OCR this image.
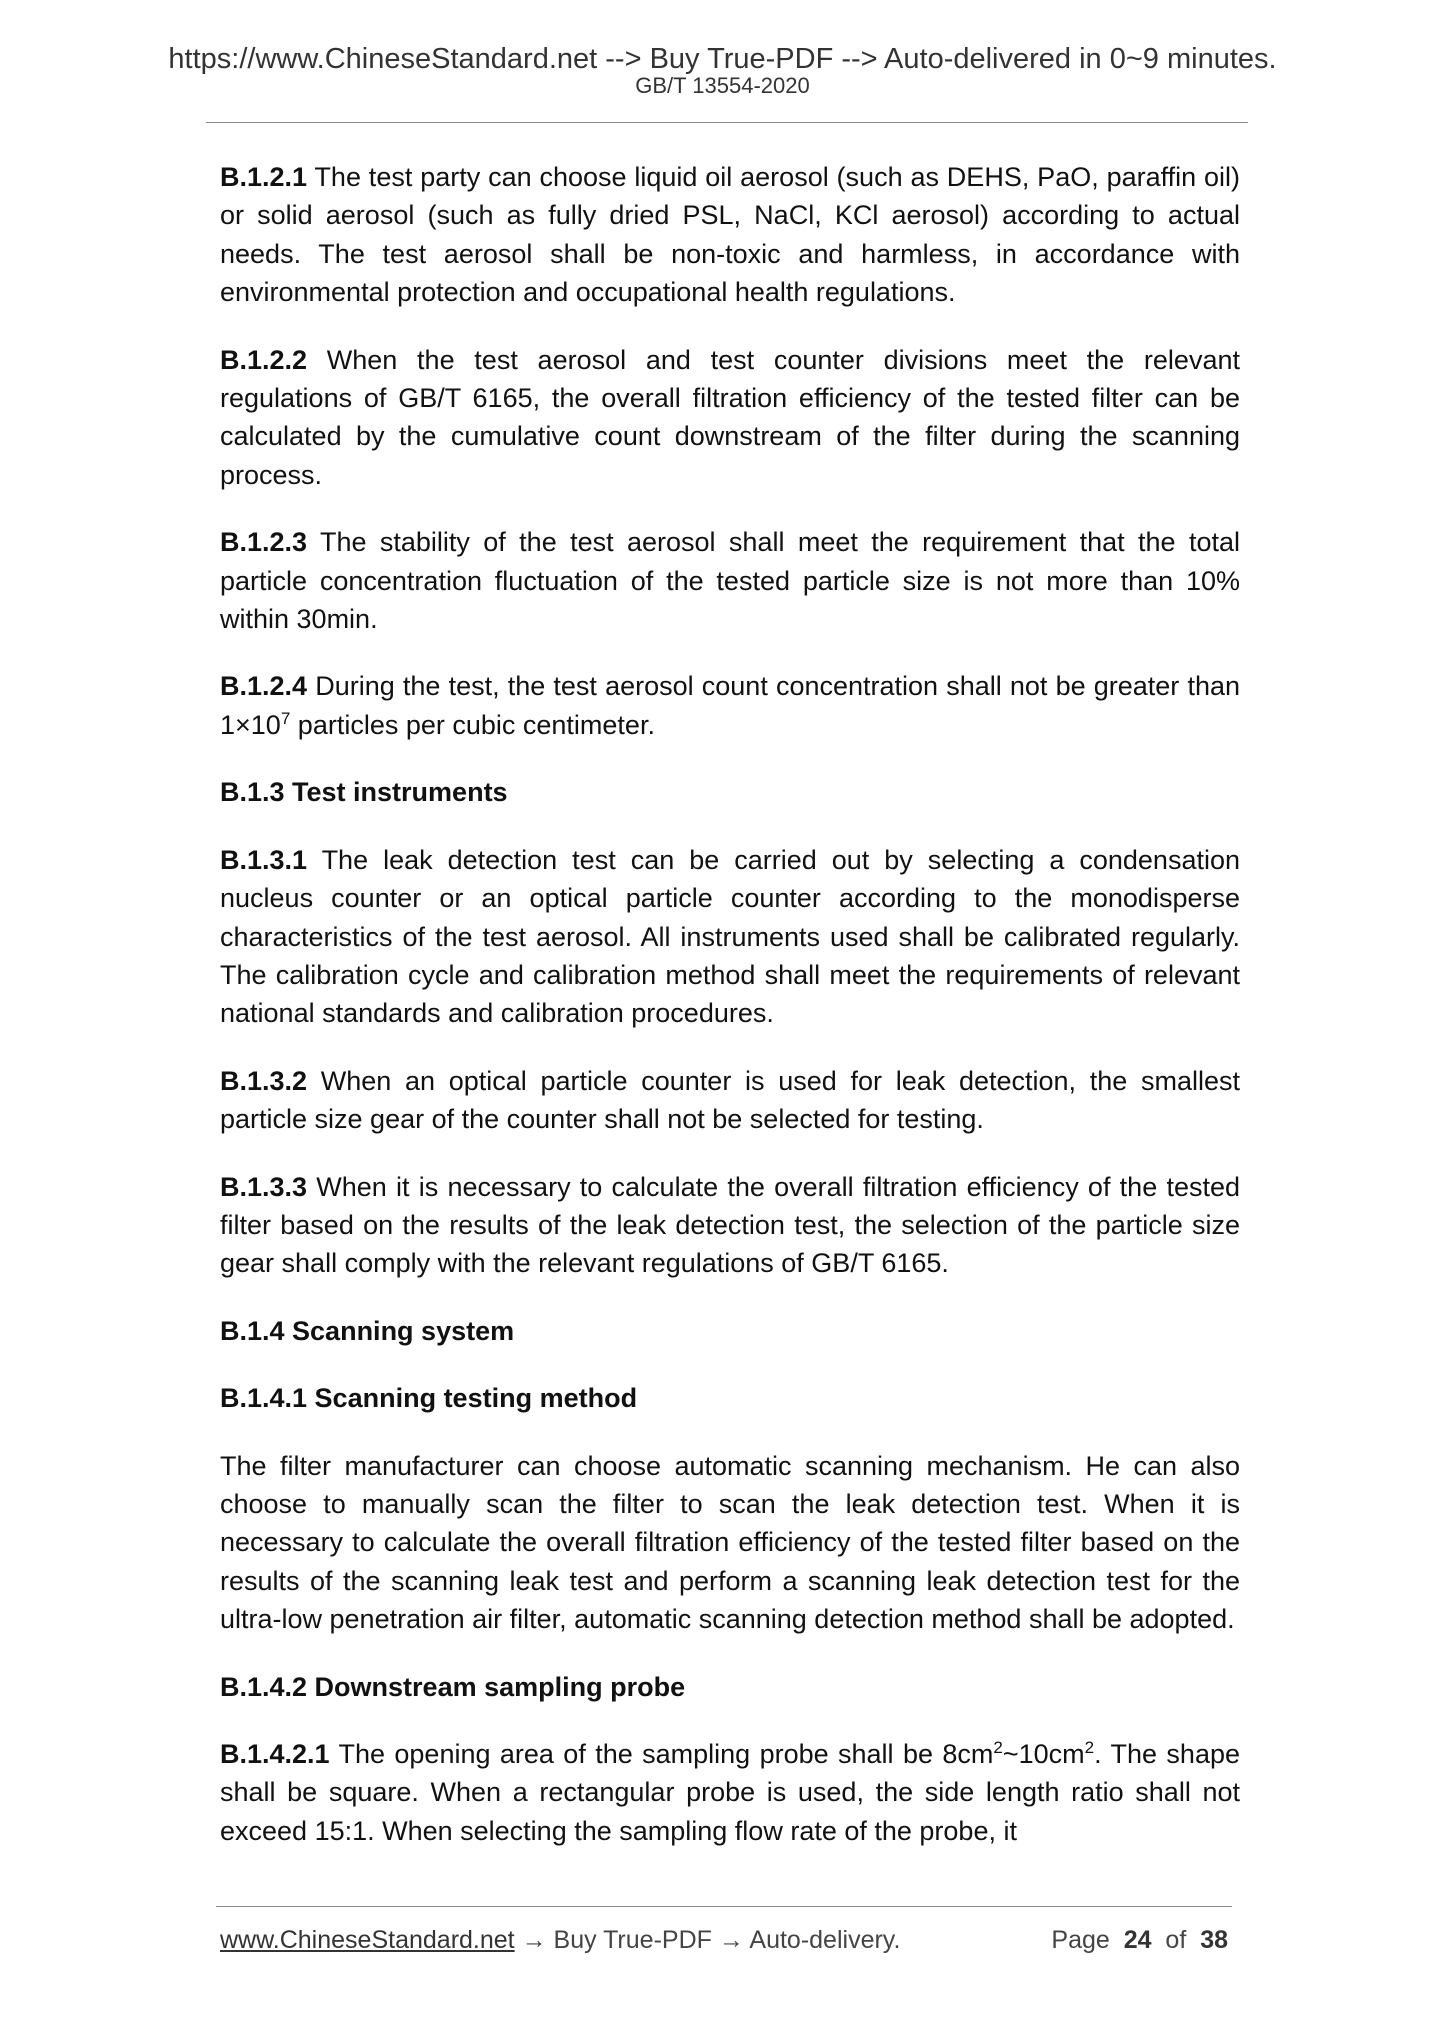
https://www.ChineseStandard.net --> Buy True-PDF --> Auto-delivered in 0~9 minutes.
GB/T 13554-2020

B.1.2.1 The test party can choose liquid oil aerosol (such as DEHS, PaO, paraffin oil) or solid aerosol (such as fully dried PSL, NaCl, KCl aerosol) according to actual needs. The test aerosol shall be non-toxic and harmless, in accordance with environmental protection and occupational health regulations.

B.1.2.2 When the test aerosol and test counter divisions meet the relevant regulations of GB/T 6165, the overall filtration efficiency of the tested filter can be calculated by the cumulative count downstream of the filter during the scanning process.

B.1.2.3 The stability of the test aerosol shall meet the requirement that the total particle concentration fluctuation of the tested particle size is not more than 10% within 30min.

B.1.2.4 During the test, the test aerosol count concentration shall not be greater than $1\times 10^7$ particles per cubic centimeter.

B.1.3 Test instruments

B.1.3.1 The leak detection test can be carried out by selecting a condensation nucleus counter or an optical particle counter according to the monodisperse characteristics of the test aerosol. All instruments used shall be calibrated regularly. The calibration cycle and calibration method shall meet the requirements of relevant national standards and calibration procedures.

B.1.3.2 When an optical particle counter is used for leak detection, the smallest particle size gear of the counter shall not be selected for testing.

B.1.3.3 When it is necessary to calculate the overall filtration efficiency of the tested filter based on the results of the leak detection test, the selection of the particle size gear shall comply with the relevant regulations of GB/T 6165.

B.1.4 Scanning system
B.1.4.1 Scanning testing method

The filter manufacturer can choose automatic scanning mechanism. He can also choose to manually scan the filter to scan the leak detection test. When it is necessary to calculate the overall filtration efficiency of the tested filter based on the results of the scanning leak test and perform a scanning leak detection test for the ultra-low penetration air filter, automatic scanning detection method shall be adopted.

B.1.4.2 Downstream sampling probe

B.1.4.2.1 The opening area of the sampling probe shall be $8cm^2\sim 10cm^2$. The shape shall be square. When a rectangular probe is used, the side length ratio shall not exceed 15:1. When selecting the sampling flow rate of the probe, it

www.ChineseStandard.net → Buy True-PDF → Auto-delivery.	Page 24 of 38
